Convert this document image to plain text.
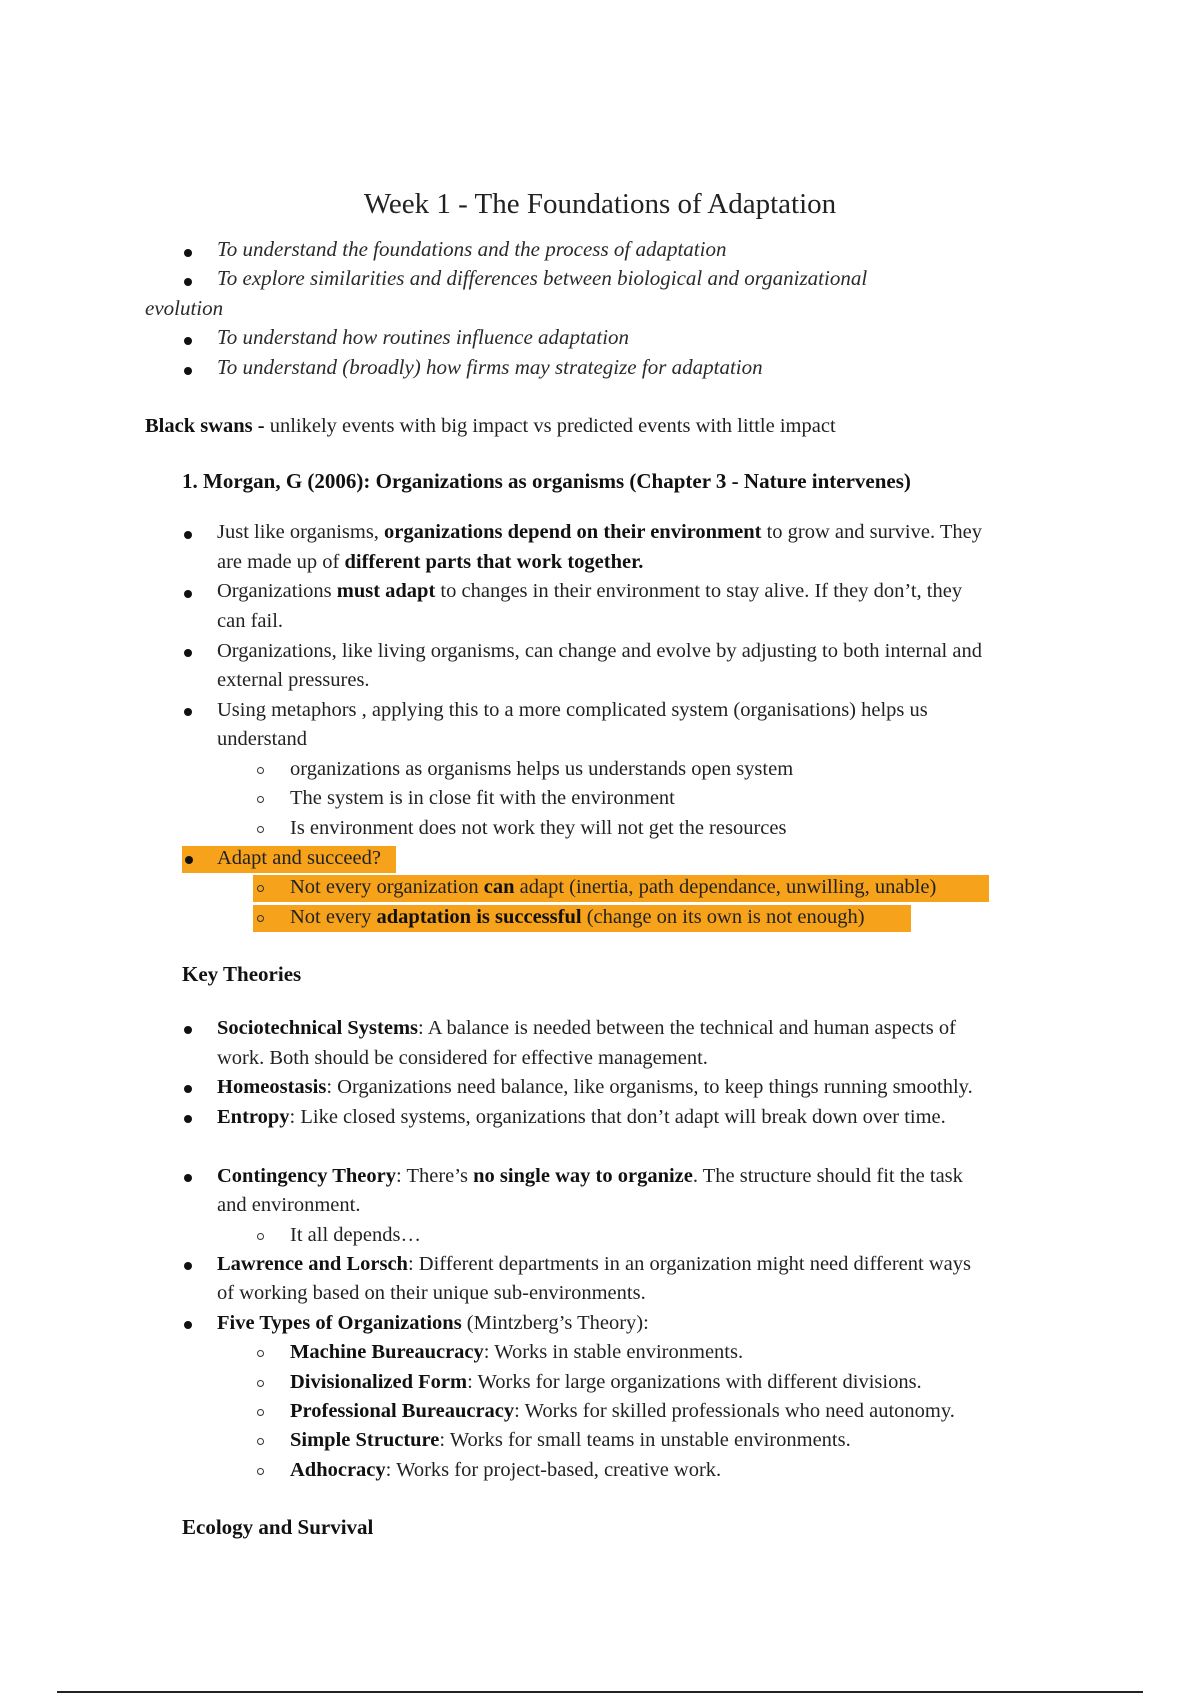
Week 1 - The Foundations of Adaptation
To understand the foundations and the process of adaptation
To explore similarities and differences between biological and organizational
evolution
To understand how routines influence adaptation
To understand (broadly) how firms may strategize for adaptation
Black swans - unlikely events with big impact vs predicted events with little impact
1. Morgan, G (2006): Organizations as organisms (Chapter 3 - Nature intervenes)
Just like organisms, organizations depend on their environment to grow and survive. They
are made up of different parts that work together.
Organizations must adapt to changes in their environment to stay alive. If they don’t, they
can fail.
Organizations, like living organisms, can change and evolve by adjusting to both internal and
external pressures.
Using metaphors , applying this to a more complicated system (organisations) helps us
understand
organizations as organisms helps us understands open system
The system is in close fit with the environment
Is environment does not work they will not get the resources
Adapt and succeed?
Not every organization can adapt (inertia, path dependance, unwilling, unable)
Not every adaptation is successful (change on its own is not enough)
Key Theories
Sociotechnical Systems: A balance is needed between the technical and human aspects of
work. Both should be considered for effective management.
Homeostasis: Organizations need balance, like organisms, to keep things running smoothly.
Entropy: Like closed systems, organizations that don’t adapt will break down over time.
Contingency Theory: There’s no single way to organize. The structure should fit the task
and environment.
It all depends…
Lawrence and Lorsch: Different departments in an organization might need different ways
of working based on their unique sub-environments.
Five Types of Organizations (Mintzberg’s Theory):
Machine Bureaucracy: Works in stable environments.
Divisionalized Form: Works for large organizations with different divisions.
Professional Bureaucracy: Works for skilled professionals who need autonomy.
Simple Structure: Works for small teams in unstable environments.
Adhocracy: Works for project-based, creative work.
Ecology and Survival
